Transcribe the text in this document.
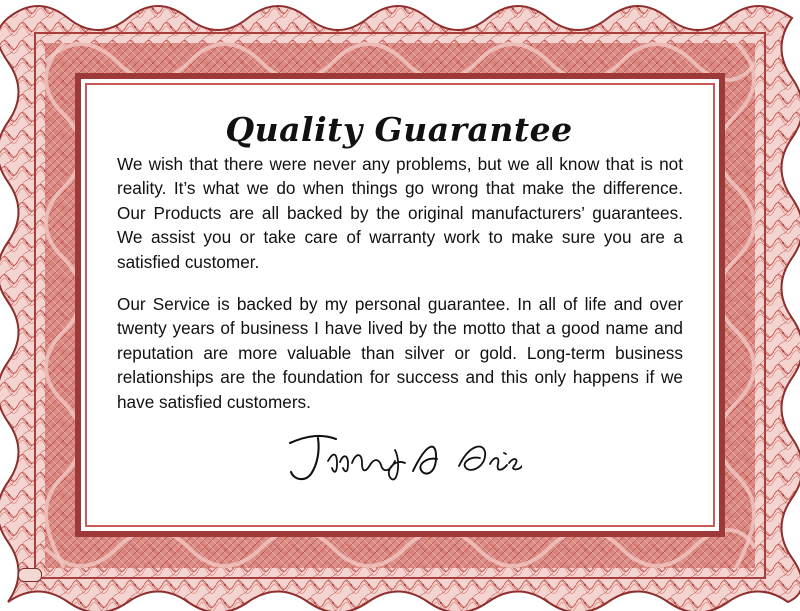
Quality Guarantee

We wish that there were never any problems, but we all know that is not reality. It’s what we do when things go wrong that make the difference. Our Products are all backed by the original manufacturers’ guarantees. We assist you or take care of warranty work to make sure you are a satisfied customer.

Our Service is backed by my personal guarantee. In all of life and over twenty years of business I have lived by the motto that a good name and reputation are more valuable than silver or gold. Long-term business relationships are the foundation for success and this only happens if we have satisfied customers.
